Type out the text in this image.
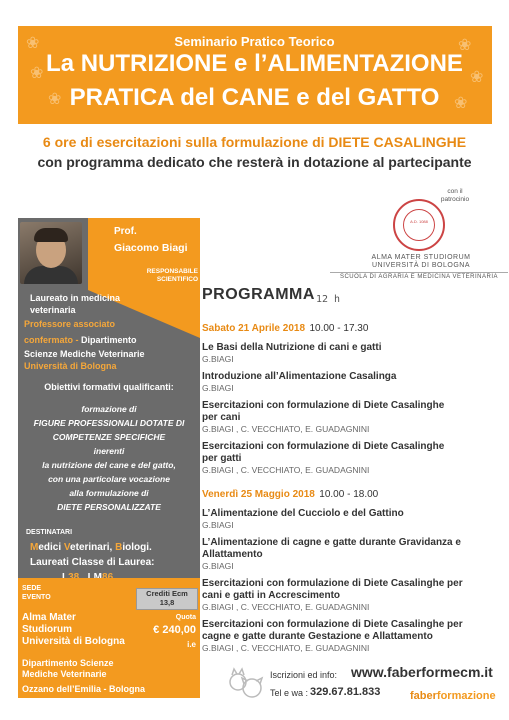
❀
❀
❀
❀
❀
❀
Seminario Pratico Teorico
La NUTRIZIONE e l’ALIMENTAZIONE
PRATICA del CANE e del GATTO
6 ore di esercitazioni sulla formulazione di DIETE CASALINGHE
con programma dedicato che resterà in dotazione al partecipante
Prof.
Giacomo Biagi
RESPONSABILE
SCIENTIFICO
Laureato in medicina
veterinaria
Professore associato
confermato - Dipartimento
Scienze Mediche Veterinarie
Università di Bologna
Obiettivi formativi qualificanti:
formazione di
FIGURE PROFESSIONALI DOTATE DI
COMPETENZE SPECIFICHE
inerenti
la nutrizione del cane e del gatto,
con una particolare vocazione
alla formulazione di
DIETE PERSONALIZZATE
DESTINATARI
Medici Veterinari, Biologi.
Laureati Classe di Laurea:
Crediti Ecm
13,8
SEDE
EVENTO
Alma Mater
Studiorum
Università di Bologna
Dipartimento Scienze
Mediche Veterinarie
Ozzano dell’Emilia - Bologna
Quota
€ 240,00
i.e
con il
patrocinio
A.D. 1088
ALMA MATER STUDIORUM
UNIVERSITÀ DI BOLOGNA
SCUOLA DI AGRARIA E MEDICINA VETERINARIA
PROGRAMMA 12 h
Sabato 21 Aprile 2018 10.00 - 17.30
Le Basi della Nutrizione di cani e gatti
G.BIAGI
Introduzione all’Alimentazione Casalinga
G.BIAGI
Esercitazioni con formulazione di Diete Casalinghe
per cani
G.BIAGI , C. VECCHIATO, E. GUADAGNINI
Esercitazioni con formulazione di Diete Casalinghe
per gatti
G.BIAGI , C. VECCHIATO, E. GUADAGNINI
Venerdì 25 Maggio 2018 10.00 - 18.00
L’Alimentazione del Cucciolo e del Gattino
G.BIAGI
L’Alimentazione di cagne e gatte durante Gravidanza e
Allattamento
G.BIAGI
Esercitazioni con formulazione di Diete Casalinghe per
cani e gatti in Accrescimento
G.BIAGI , C. VECCHIATO, E. GUADAGNINI
Esercitazioni con formulazione di Diete Casalinghe per
cagne e gatte durante Gestazione e Allattamento
G.BIAGI , C. VECCHIATO, E. GUADAGNINI
Iscrizioni ed info: www.faberformecm.it
Tel e wa : 329.67.81.833	faberformazione
